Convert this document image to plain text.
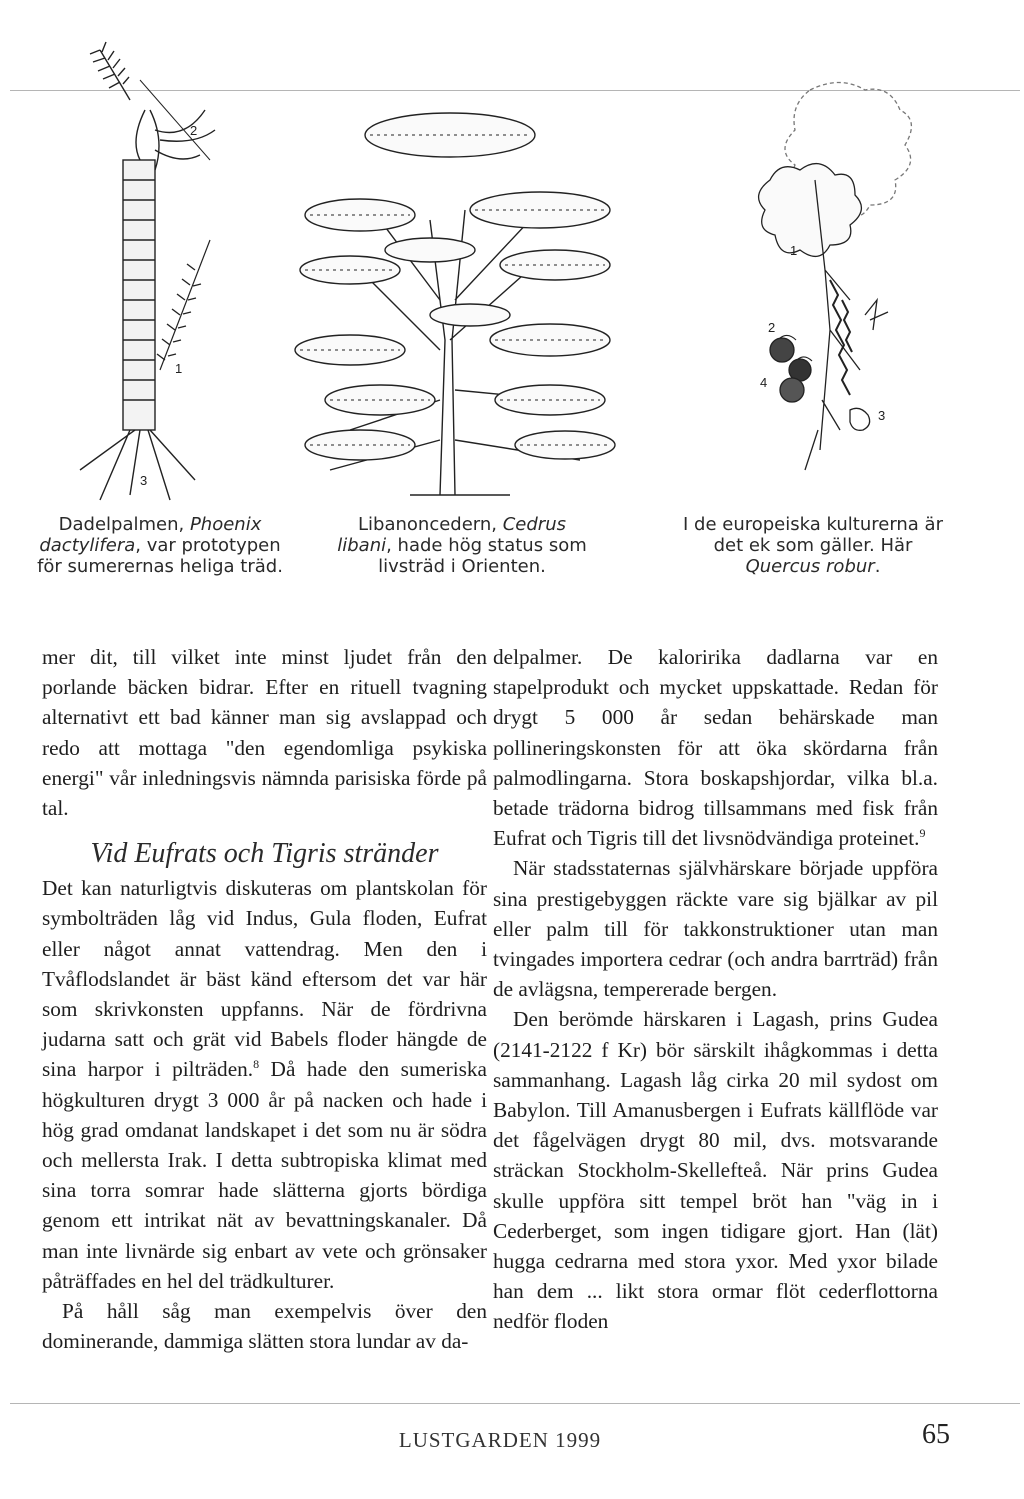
2
1
3
1
2
4
3

Dadelpalmen, Phoenix dactylifera, var prototypen för sumerernas heliga träd.

Libanoncedern, Cedrus libani, hade hög status som livsträd i Orienten.

I de europeiska kulturerna är det ek som gäller. Här Quercus robur.

mer dit, till vilket inte minst ljudet från den porlande bäcken bidrar. Efter en rituell tvagning alternativt ett bad känner man sig avslappad och redo att mottaga "den egendomliga psykiska energi" vår inledningsvis nämnda parisiska förde på tal.

Vid Eufrats och Tigris stränder

Det kan naturligtvis diskuteras om plantskolan för symbolträden låg vid Indus, Gula floden, Eufrat eller något annat vattendrag. Men den i Tvåflodslandet är bäst känd eftersom det var här som skrivkonsten uppfanns. När de fördrivna judarna satt och grät vid Babels floder hängde de sina harpor i pilträden.$^8$ Då hade den sumeriska högkulturen drygt 3 000 år på nacken och hade i hög grad omdanat landskapet i det som nu är södra och mellersta Irak. I detta subtropiska klimat med sina torra somrar hade slätterna gjorts bördiga genom ett intrikat nät av bevattningskanaler. Då man inte livnärde sig enbart av vete och grönsaker påträffades en hel del trädkulturer.

På håll såg man exempelvis över den dominerande, dammiga slätten stora lundar av da-

delpalmer. De kaloririka dadlarna var en stapelprodukt och mycket uppskattade. Redan för drygt 5 000 år sedan behärskade man pollineringskonsten för att öka skördarna från palmodlingarna. Stora boskapshjordar, vilka bl.a. betade trädorna bidrog tillsammans med fisk från Eufrat och Tigris till det livsnödvändiga proteinet.$^9$

När stadsstaternas självhärskare började uppföra sina prestigebyggen räckte vare sig bjälkar av pil eller palm till för takkonstruktioner utan man tvingades importera cedrar (och andra barrträd) från de avlägsna, tempererade bergen.

Den berömde härskaren i Lagash, prins Gudea (2141-2122 f Kr) bör särskilt ihågkommas i detta sammanhang. Lagash låg cirka 20 mil sydost om Babylon. Till Amanusbergen i Eufrats källflöde var det fågelvägen drygt 80 mil, dvs. motsvarande sträckan Stockholm-Skellefteå. När prins Gudea skulle uppföra sitt tempel bröt han "väg in i Cederberget, som ingen tidigare gjort. Han (lät) hugga cedrarna med stora yxor. Med yxor bilade han dem ... likt stora ormar flöt cederflottorna nedför floden

LUSTGARDEN 1999	65
